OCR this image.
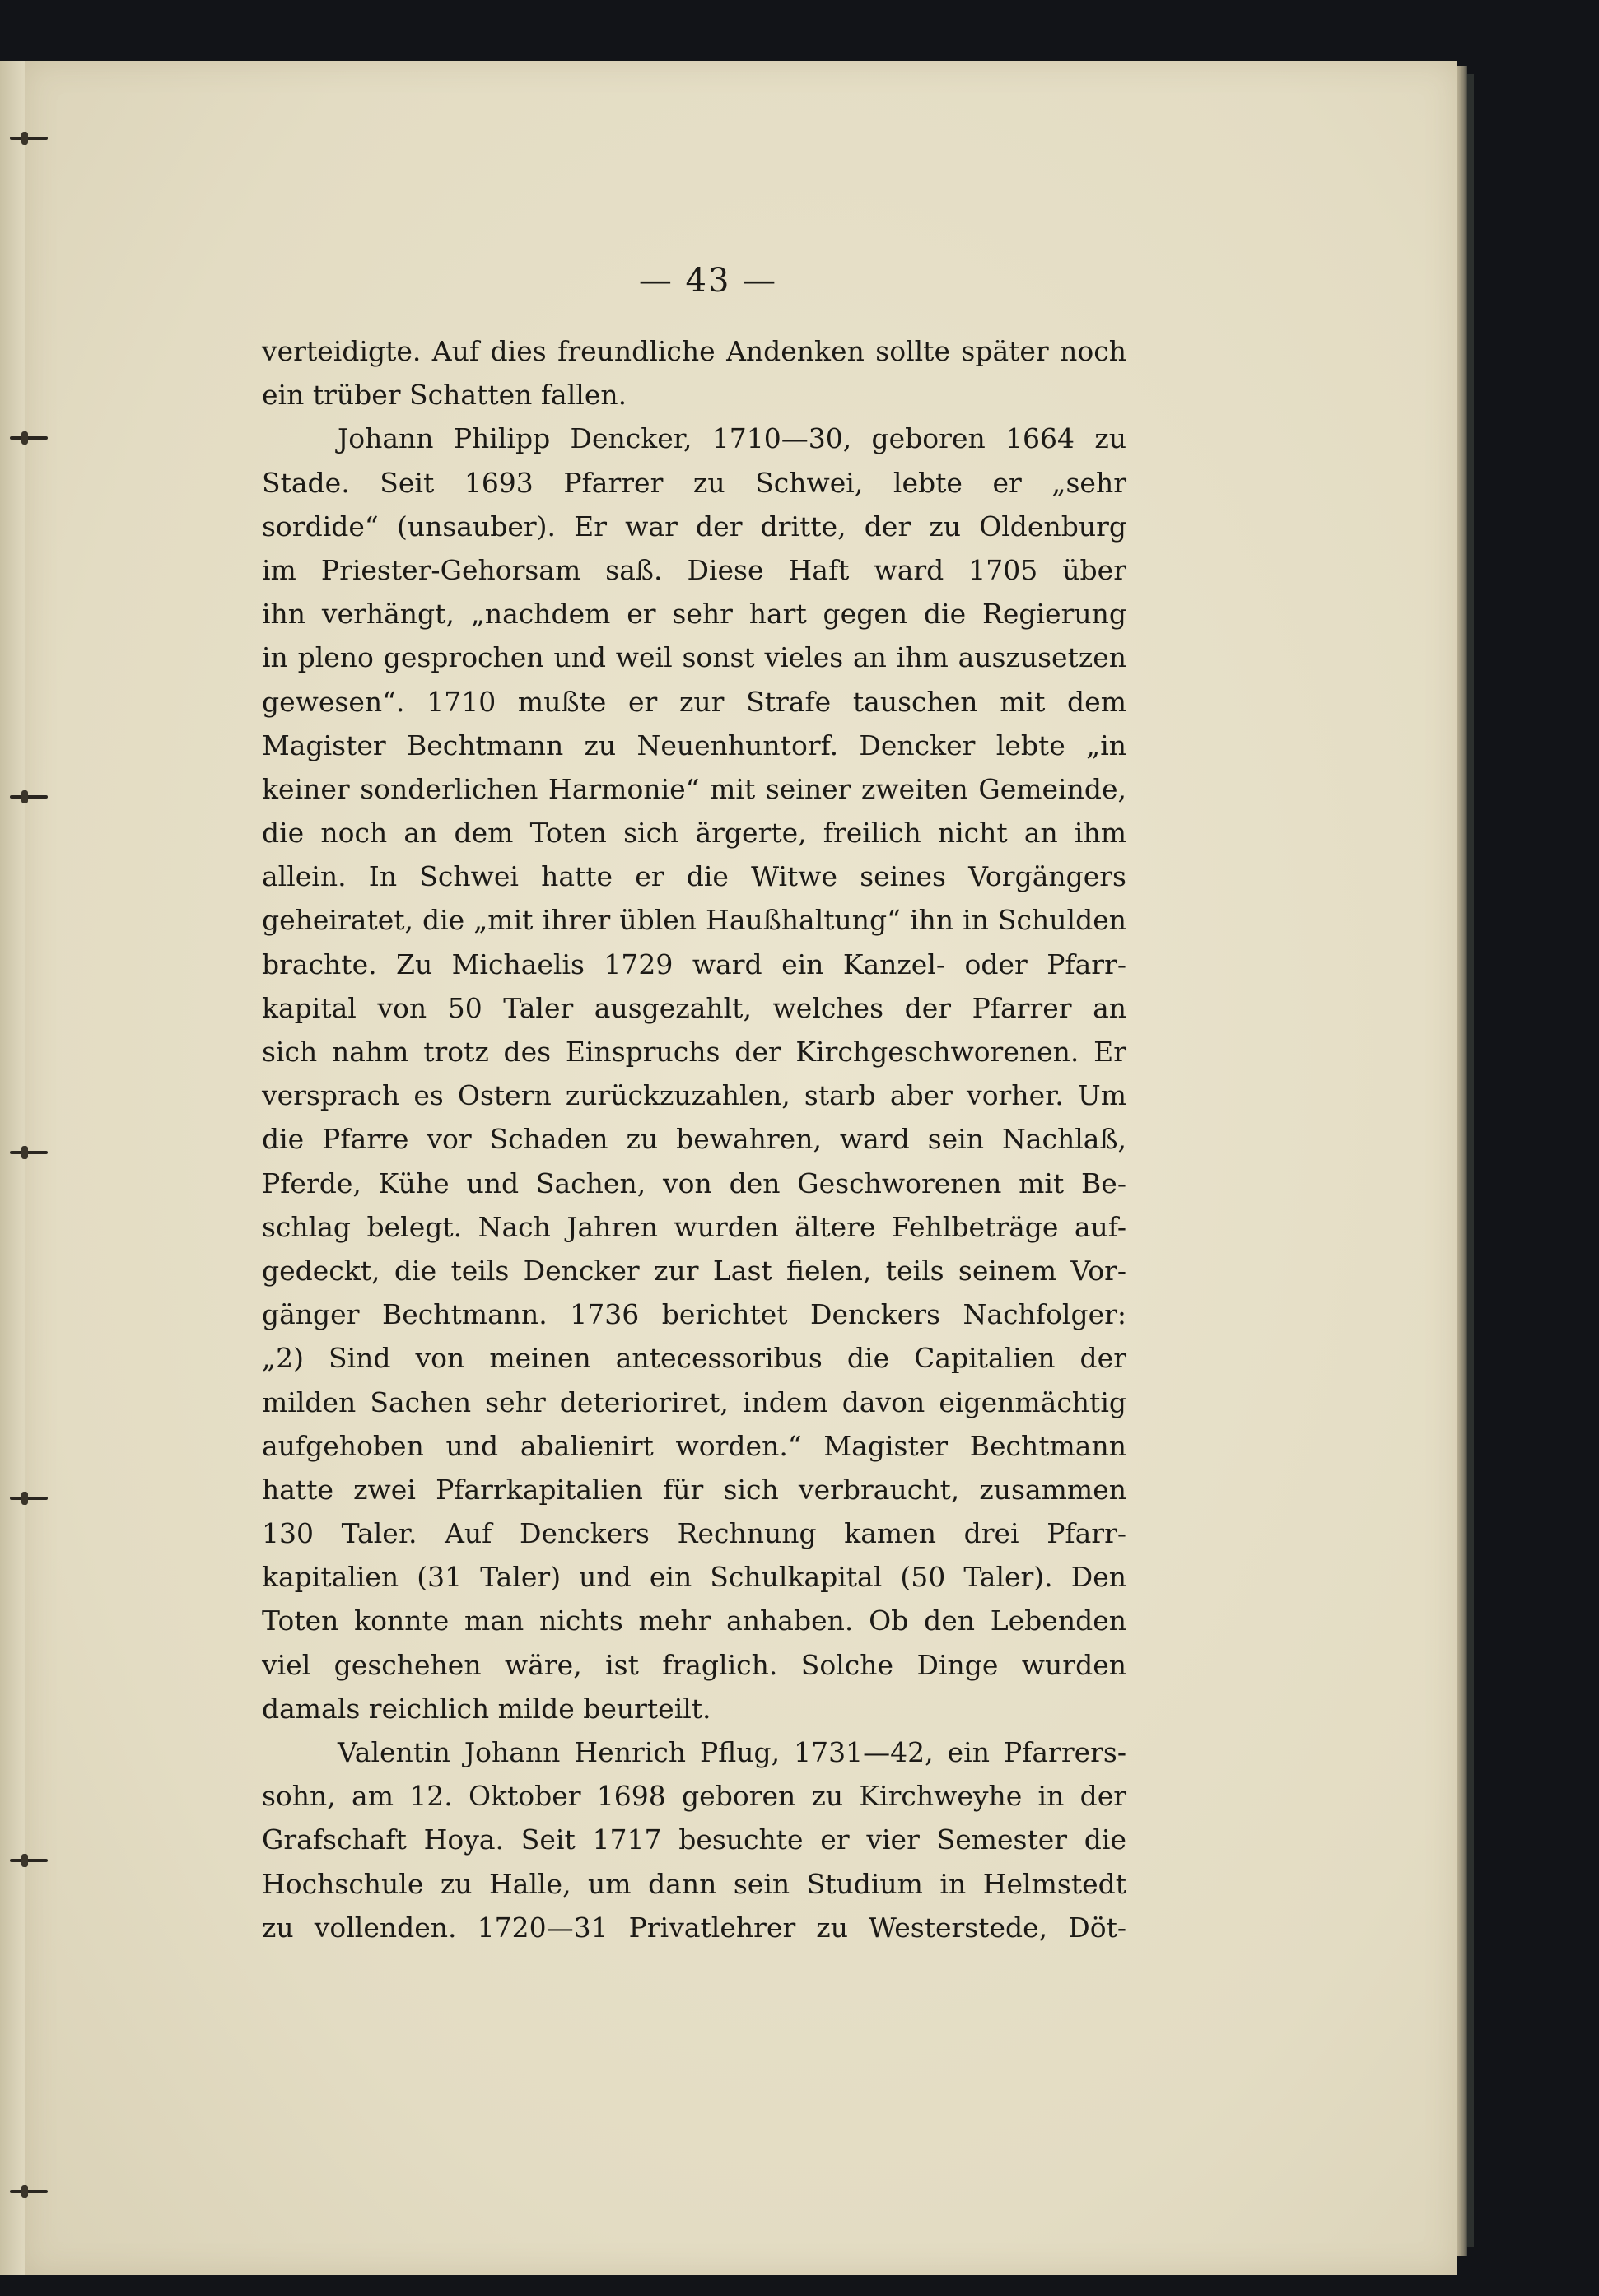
— 43 —
verteidigte. Auf dies freundliche Andenken sollte später noch
ein trüber Schatten fallen.
Johann Philipp Dencker, 1710—30, geboren 1664 zu
Stade. Seit 1693 Pfarrer zu Schwei, lebte er „sehr
sordide“ (unsauber). Er war der dritte, der zu Oldenburg
im Priester-Gehorsam saß. Diese Haft ward 1705 über
ihn verhängt, „nachdem er sehr hart gegen die Regierung
in pleno gesprochen und weil sonst vieles an ihm auszusetzen
gewesen“. 1710 mußte er zur Strafe tauschen mit dem
Magister Bechtmann zu Neuenhuntorf. Dencker lebte „in
keiner sonderlichen Harmonie“ mit seiner zweiten Gemeinde,
die noch an dem Toten sich ärgerte, freilich nicht an ihm
allein. In Schwei hatte er die Witwe seines Vorgängers
geheiratet, die „mit ihrer üblen Haußhaltung“ ihn in Schulden
brachte. Zu Michaelis 1729 ward ein Kanzel- oder Pfarr-
kapital von 50 Taler ausgezahlt, welches der Pfarrer an
sich nahm trotz des Einspruchs der Kirchgeschworenen. Er
versprach es Ostern zurückzuzahlen, starb aber vorher. Um
die Pfarre vor Schaden zu bewahren, ward sein Nachlaß,
Pferde, Kühe und Sachen, von den Geschworenen mit Be-
schlag belegt. Nach Jahren wurden ältere Fehlbeträge auf-
gedeckt, die teils Dencker zur Last fielen, teils seinem Vor-
gänger Bechtmann. 1736 berichtet Denckers Nachfolger:
„2) Sind von meinen antecessoribus die Capitalien der
milden Sachen sehr deterioriret, indem davon eigenmächtig
aufgehoben und abalienirt worden.“ Magister Bechtmann
hatte zwei Pfarrkapitalien für sich verbraucht, zusammen
130 Taler. Auf Denckers Rechnung kamen drei Pfarr-
kapitalien (31 Taler) und ein Schulkapital (50 Taler). Den
Toten konnte man nichts mehr anhaben. Ob den Lebenden
viel geschehen wäre, ist fraglich. Solche Dinge wurden
damals reichlich milde beurteilt.
Valentin Johann Henrich Pflug, 1731—42, ein Pfarrers-
sohn, am 12. Oktober 1698 geboren zu Kirchweyhe in der
Grafschaft Hoya. Seit 1717 besuchte er vier Semester die
Hochschule zu Halle, um dann sein Studium in Helmstedt
zu vollenden. 1720—31 Privatlehrer zu Westerstede, Döt-
